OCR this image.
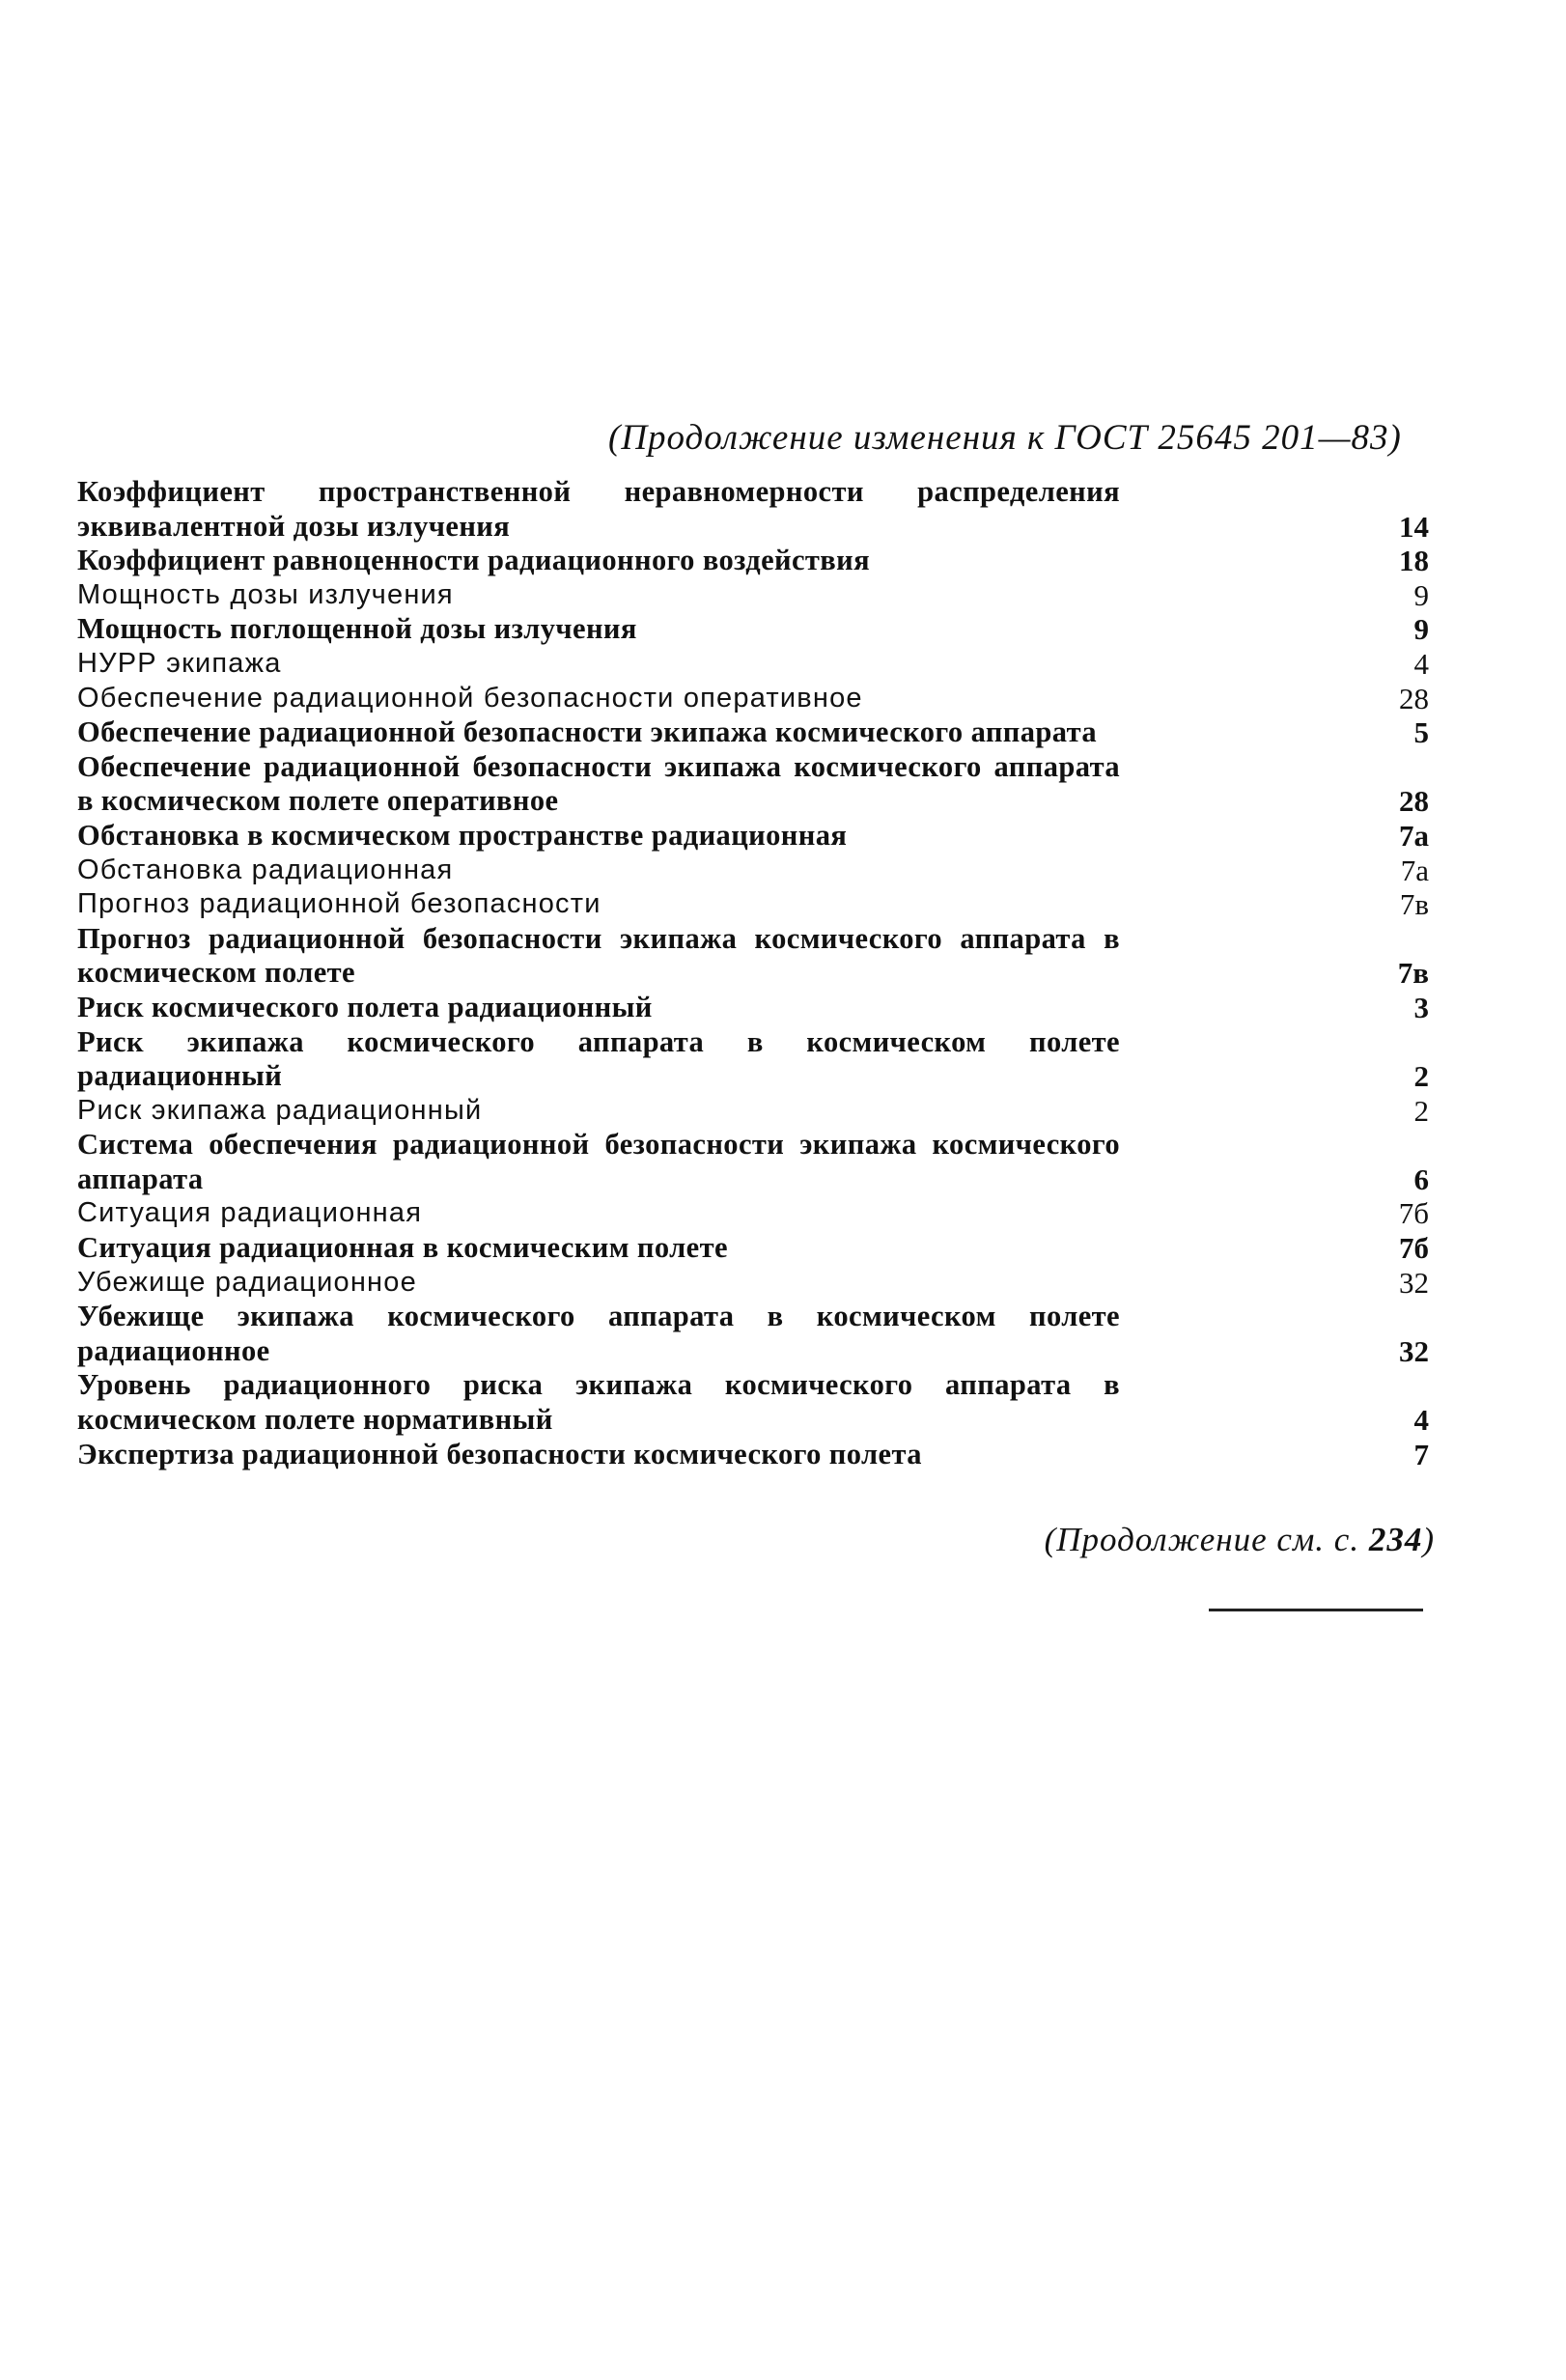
(Продолжение изменения к ГОСТ 25645 201—83)
Коэффициент пространственной неравномерности распределения эквивалентной дозы излучения	14
Коэффициент равноценности радиационного воздействия	18
Мощность дозы излучения	9
Мощность поглощенной дозы излучения	9
НУРР экипажа	4
Обеспечение радиационной безопасности оперативное	28
Обеспечение радиационной безопасности экипажа космического аппарата	5
Обеспечение радиационной безопасности экипажа космического аппарата в космическом полете оперативное	28
Обстановка в космическом пространстве радиационная	7а
Обстановка радиационная	7а
Прогноз радиационной безопасности	7в
Прогноз радиационной безопасности экипажа космического аппарата в космическом полете	7в
Риск космического полета радиационный	3
Риск экипажа космического аппарата в космическом полете радиационный	2
Риск экипажа радиационный	2
Система обеспечения радиационной безопасности экипажа космического аппарата	6
Ситуация радиационная	7б
Ситуация радиационная в космическим полете	7б
Убежище радиационное	32
Убежище экипажа космического аппарата в космическом полете радиационное	32
Уровень радиационного риска экипажа космического аппарата в космическом полете нормативный	4
Экспертиза радиационной безопасности космического полета	7
(Продолжение см. с. 234)
